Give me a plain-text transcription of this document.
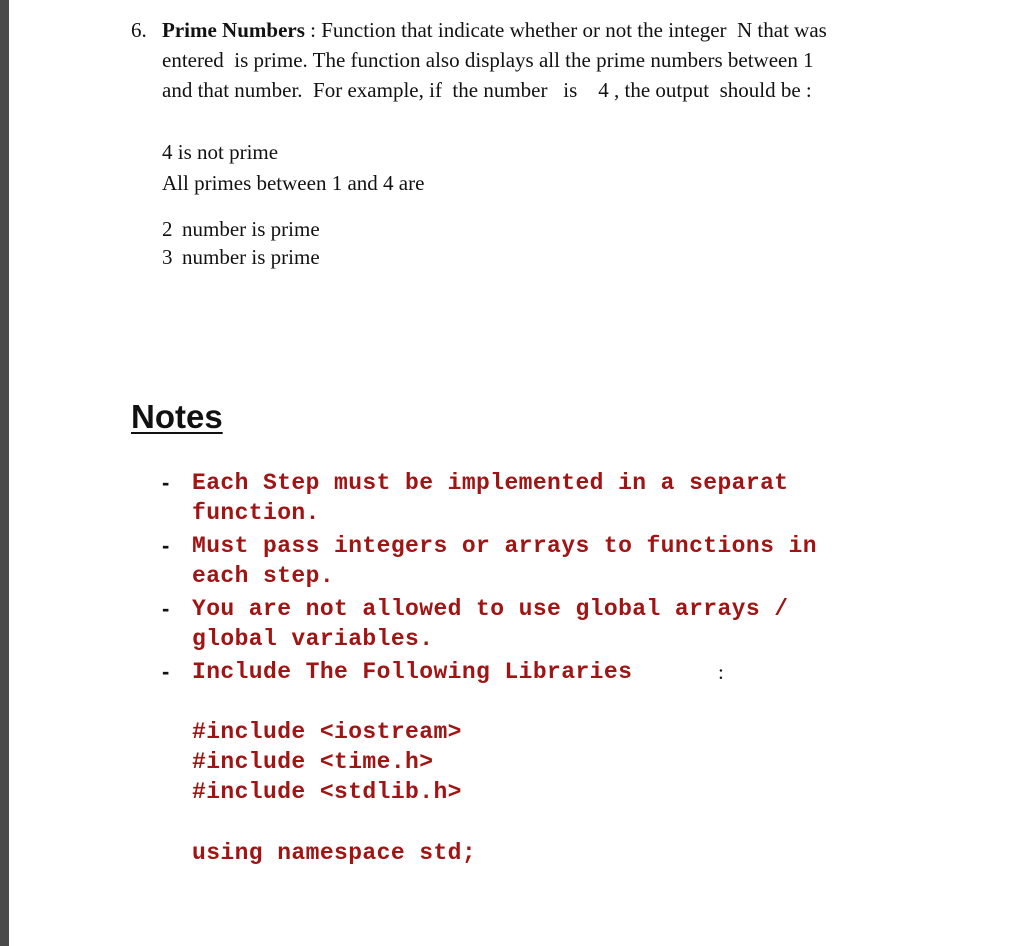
6. Prime Numbers : Function that indicate whether or not the integer  N that was
entered  is prime. The function also displays all the prime numbers between 1
and that number.  For example, if  the number   is    4 , the output  should be :
4 is not prime
All primes between 1 and 4 are
2 number is prime
3 number is prime
Notes
- Each Step must be implemented in a separat
function.
- Must pass integers or arrays to functions in
each step.
- You are not allowed to use global arrays /
global variables.
- Include The Following Libraries	:
#include <iostream>
#include <time.h>
#include <stdlib.h>
using namespace std;
